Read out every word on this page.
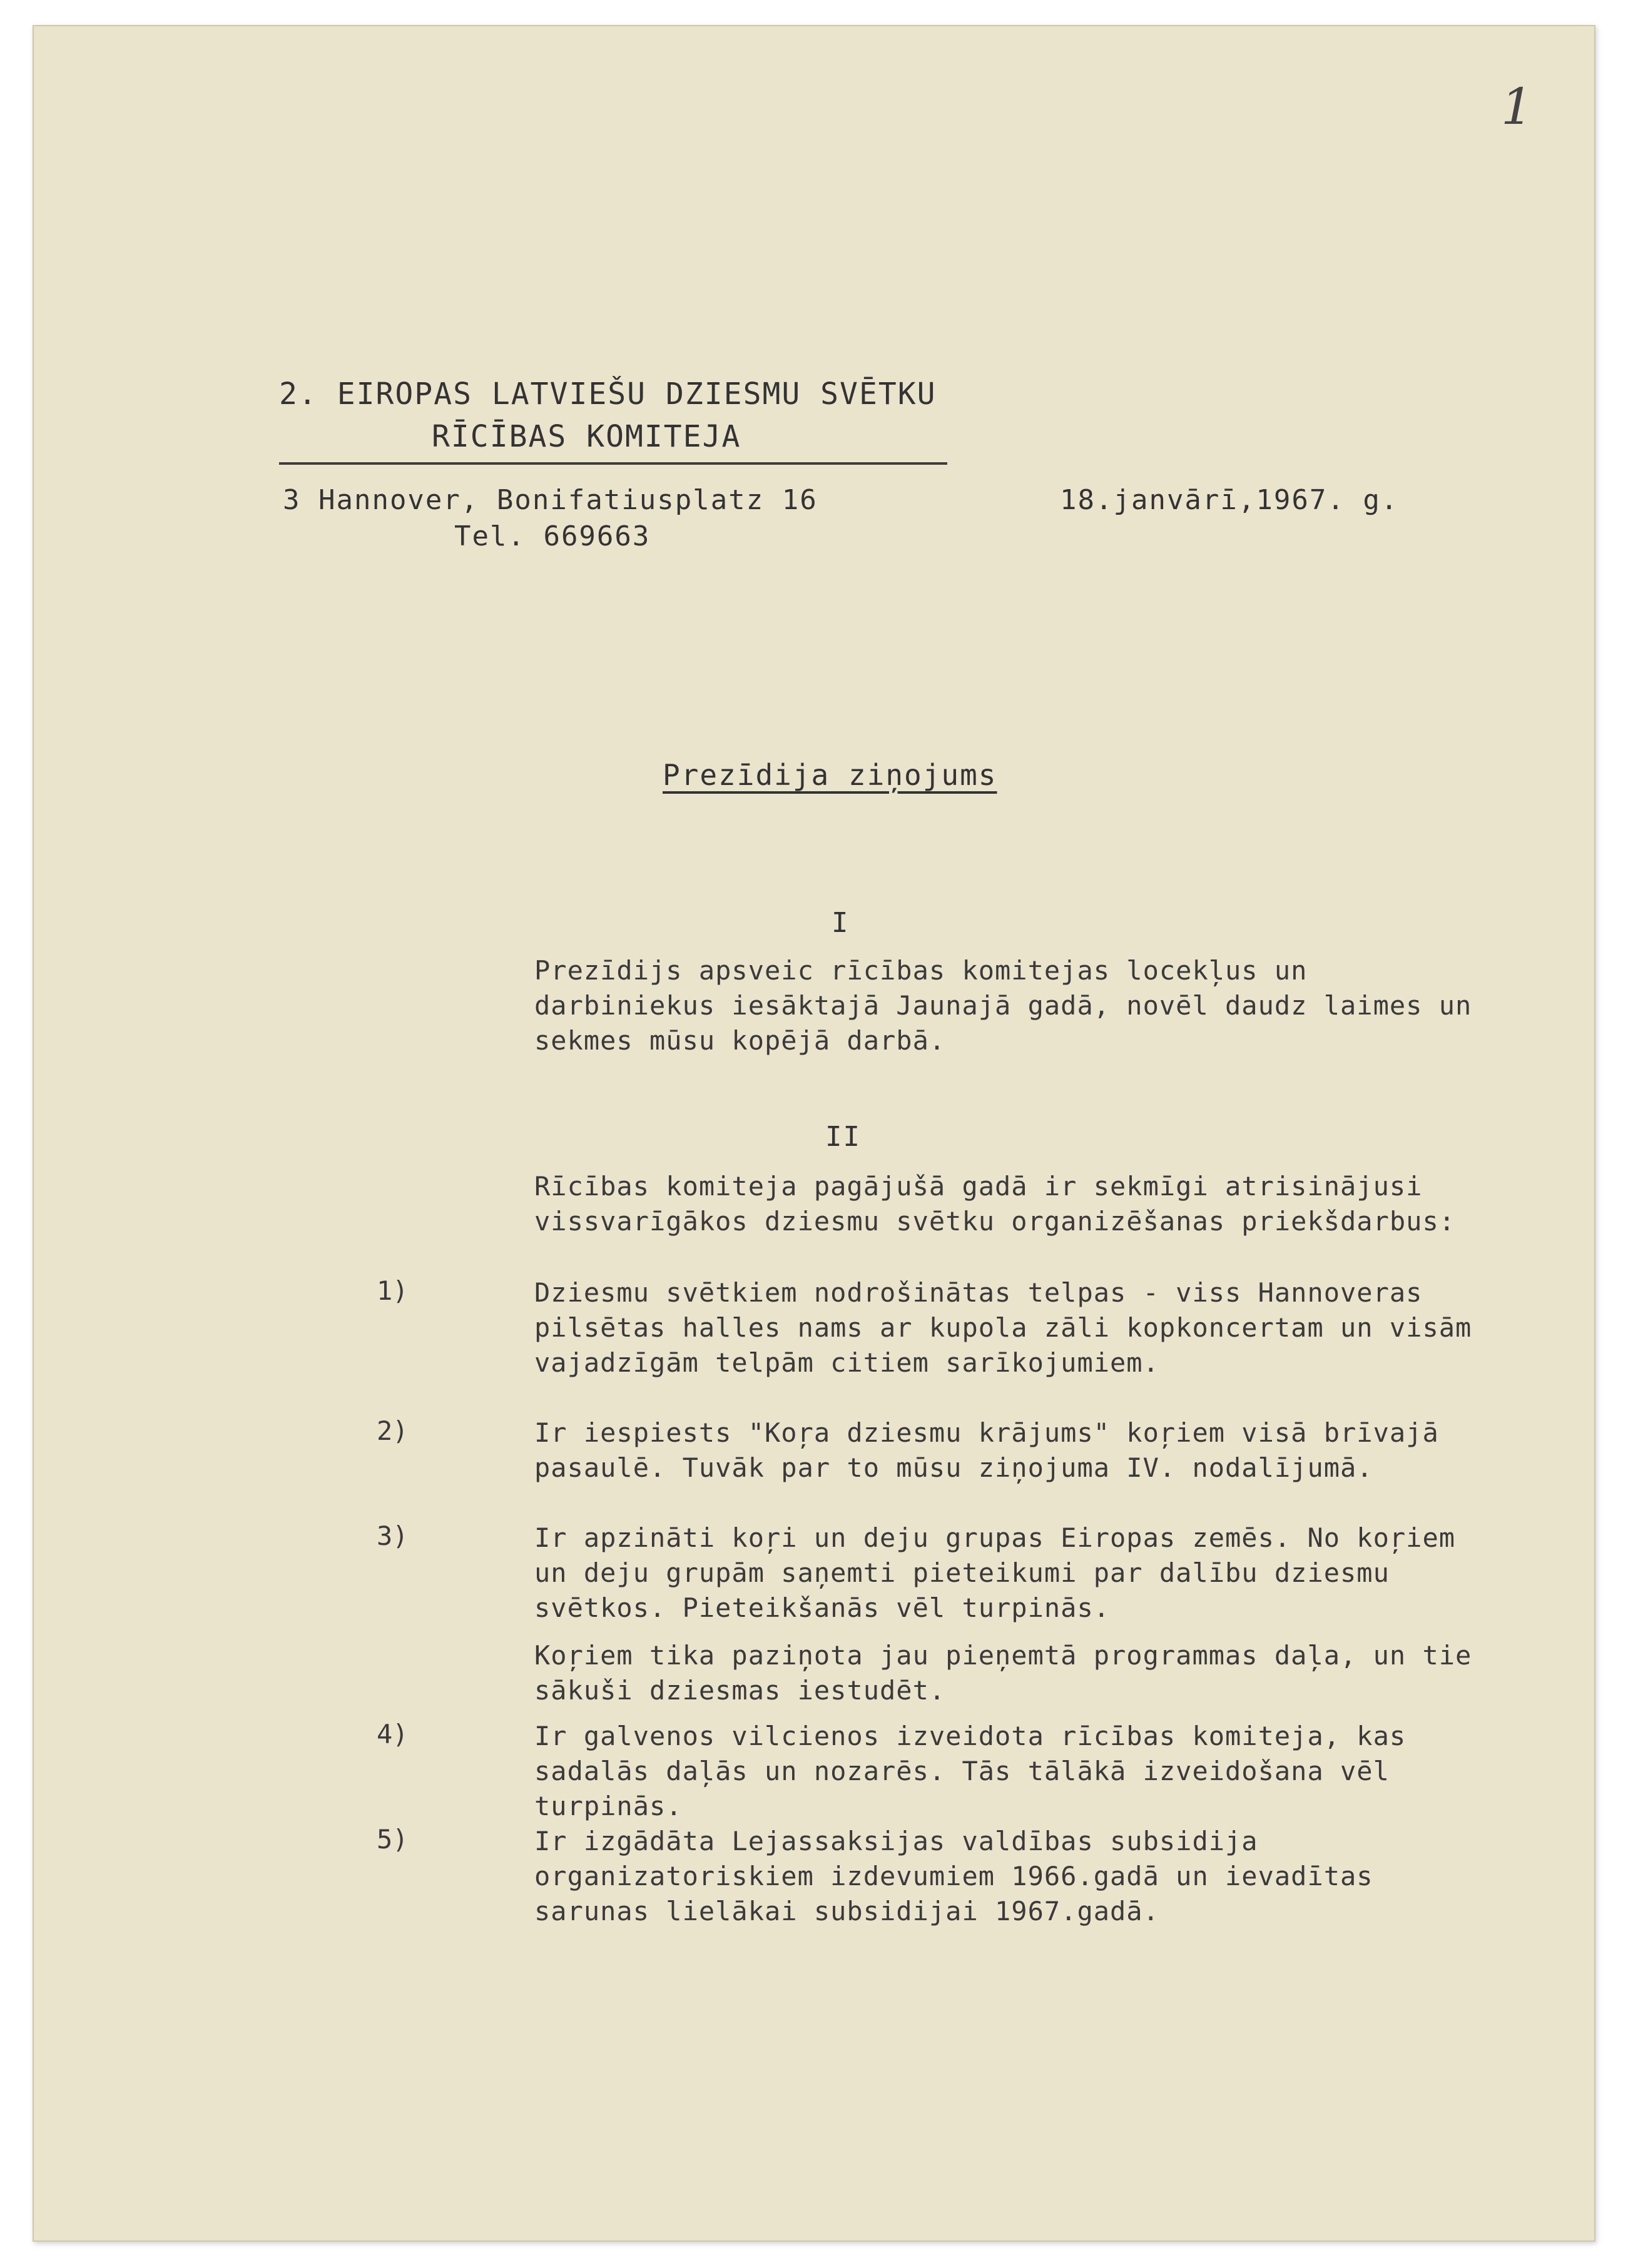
1
2. EIROPAS LATVIEŠU DZIESMU SVĒTKU
RĪCĪBAS KOMITEJA
3 Hannover, Bonifatiusplatz 16
Tel. 669663
18.janvārī,1967. g.
Prezīdija ziņojums
I

Prezīdijs apsveic rīcības komitejas locekļus un darbiniekus iesāktajā Jaunajā gadā, novēl daudz laimes un sekmes mūsu kopējā darbā.

II

Rīcības komiteja pagājušā gadā ir sekmīgi atrisinājusi vissvarīgākos dziesmu svētku organizēšanas priekšdarbus:

1)	Dziesmu svētkiem nodrošinātas telpas - viss Hannoveras pilsētas halles nams ar kupola zāli kopkoncertam un visām vajadzīgām telpām citiem sarīkojumiem.
2)	Ir iespiests "Koŗa dziesmu krājums" koŗiem visā brīvajā pasaulē. Tuvāk par to mūsu ziņojuma IV. nodalījumā.
3)	Ir apzināti koŗi un deju grupas Eiropas zemēs. No koŗiem un deju grupām saņemti pieteikumi par dalību dziesmu svētkos. Pieteikšanās vēl turpinās.
Koŗiem tika paziņota jau pieņemtā programmas daļa, un tie sākuši dziesmas iestudēt.
4)	Ir galvenos vilcienos izveidota rīcības komiteja, kas sadalās daļās un nozarēs. Tās tālākā izveidošana vēl turpinās.
5)	Ir izgādāta Lejassaksijas valdības subsidija organizatoriskiem izdevumiem 1966.gadā un ievadītas sarunas lielākai subsidijai 1967.gadā.
